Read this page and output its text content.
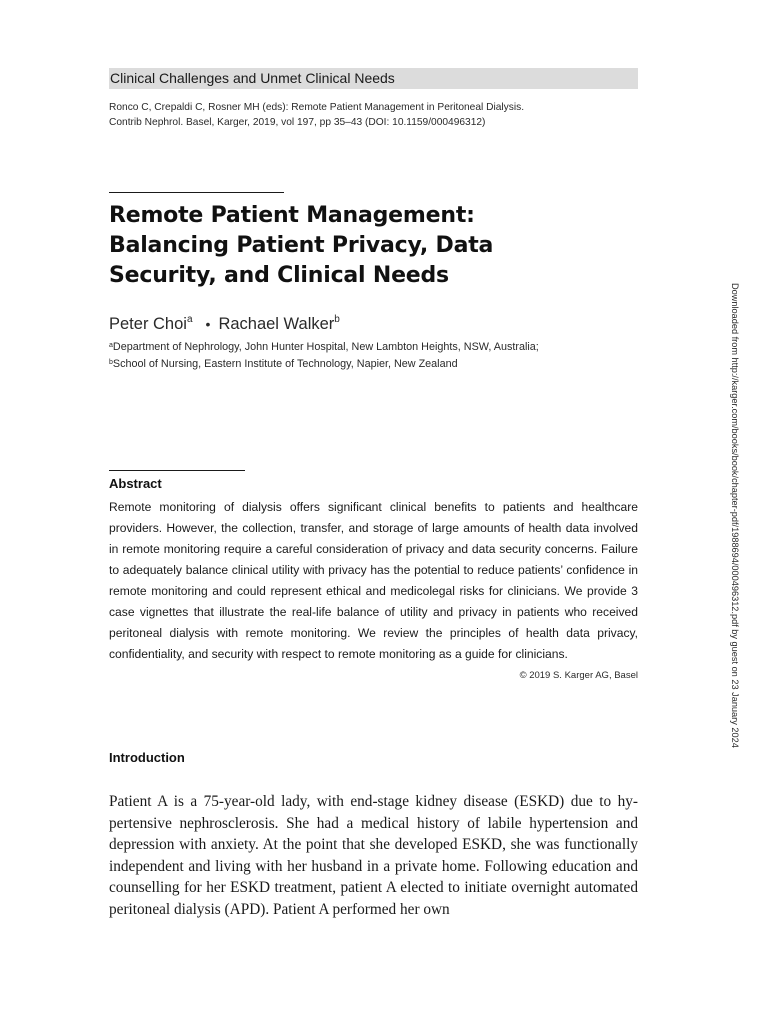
Clinical Challenges and Unmet Clinical Needs
Ronco C, Crepaldi C, Rosner MH (eds): Remote Patient Management in Peritoneal Dialysis.
Contrib Nephrol. Basel, Karger, 2019, vol 197, pp 35–43 (DOI: 10.1159/000496312)
Remote Patient Management:
Balancing Patient Privacy, Data
Security, and Clinical Needs
Peter Choi$^a$ • Rachael Walker$^b$
$^a$Department of Nephrology, John Hunter Hospital, New Lambton Heights, NSW, Australia;
$^b$School of Nursing, Eastern Institute of Technology, Napier, New Zealand
Abstract

Remote monitoring of dialysis offers significant clinical benefits to patients and healthcare providers. However, the collection, transfer, and storage of large amounts of health data involved in remote monitoring require a careful consideration of privacy and data security concerns. Failure to adequately balance clinical utility with privacy has the potential to reduce patients’ confidence in remote monitoring and could represent ethical and medicolegal risks for clinicians. We provide 3 case vignettes that illustrate the real-life balance of utility and privacy in patients who received peritoneal dialysis with remote monitoring. We review the principles of health data privacy, confidentiality, and security with respect to remote monitoring as a guide for clinicians.
© 2019 S. Karger AG, Basel

Introduction

Patient A is a 75-year-old lady, with end-stage kidney disease (ESKD) due to hypertensive nephrosclerosis. She had a medical history of labile hypertension and depression with anxiety. At the point that she developed ESKD, she was functionally independent and living with her husband in a private home. Following education and counselling for her ESKD treatment, patient A elected to initiate overnight automated peritoneal dialysis (APD). Patient A performed her own

Downloaded from http://karger.com/books/book/chapter-pdf/1988694/000496312.pdf by guest on 23 January 2024
